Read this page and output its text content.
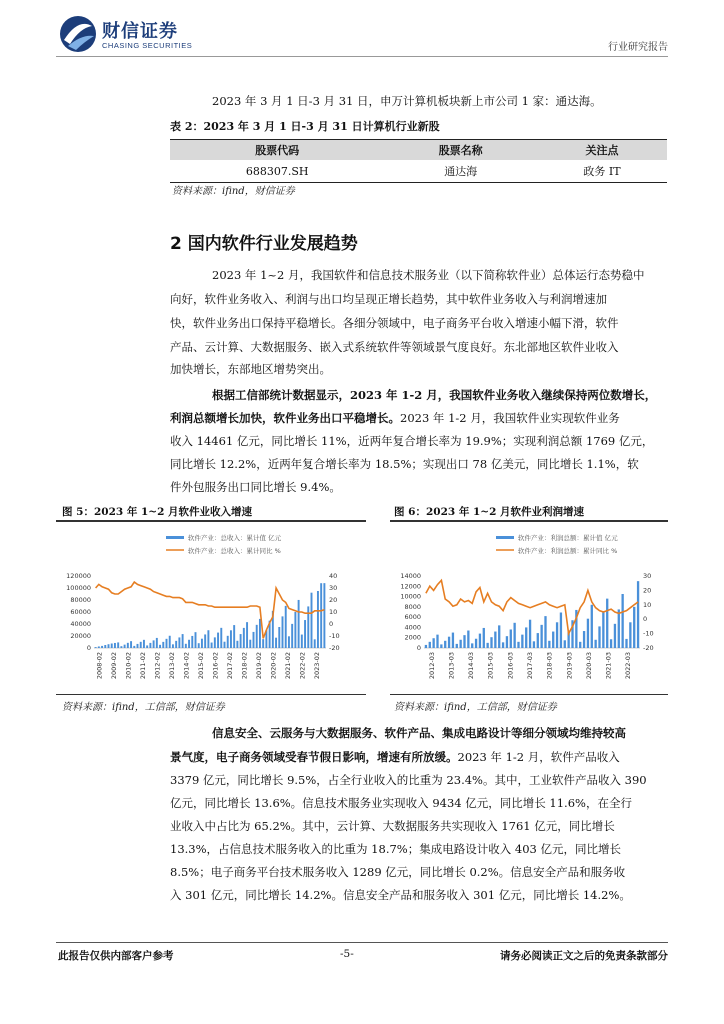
财信证券
CHASING SECURITIES	行业研究报告
2023 年 3 月 1 日-3 月 31 日，申万计算机板块新上市公司 1 家：通达海。
表 2：2023 年 3 月 1 日-3 月 31 日计算机行业新股
股票代码	股票名称	关注点
688307.SH	通达海	政务 IT
资料来源：ifind，财信证券
2 国内软件行业发展趋势
2023 年 1~2 月，我国软件和信息技术服务业（以下简称软件业）总体运行态势稳中
向好，软件业务收入、利润与出口均呈现正增长趋势，其中软件业务收入与利润增速加
快，软件业务出口保持平稳增长。各细分领域中，电子商务平台收入增速小幅下滑，软件
产品、云计算、大数据服务、嵌入式系统软件等领域景气度良好。东北部地区软件业收入
加快增长，东部地区增势突出。
根据工信部统计数据显示，2023 年 1-2 月，我国软件业务收入继续保持两位数增长，
利润总额增长加快，软件业务出口平稳增长。2023 年 1-2 月，我国软件业实现软件业务
收入 14461 亿元，同比增长 11%，近两年复合增长率为 19.9%；实现利润总额 1769 亿元，
同比增长 12.2%，近两年复合增长率为 18.5%；实现出口 78 亿美元，同比增长 1.1%，软
件外包服务出口同比增长 9.4%。
图 5：2023 年 1~2 月软件业收入增速
软件产业：总收入：累计值 亿元
软件产业：总收入：累计同比 %
120000
100000
80000
60000
40000
20000
0
40
30
20
10
0
-10
-20
2008-02 2009-02 2010-02 2011-02 2012-02 2013-02 2014-02 2015-02 2016-02 2017-02 2018-02 2019-02 2020-02 2021-02 2022-02 2023-02
图 6：2023 年 1~2 月软件业利润增速
软件产业：利润总额：累计值 亿元
软件产业：利润总额：累计同比 %
14000
12000
10000
8000
6000
4000
2000
0
30
20
10
0
-10
-20
2012-03 2013-03 2014-03 2015-03 2016-03 2017-03 2018-03 2019-03 2020-03 2021-03 2022-03
资料来源：ifind，工信部，财信证券	资料来源：ifind，工信部，财信证券
信息安全、云服务与大数据服务、软件产品、集成电路设计等细分领域均维持较高
景气度，电子商务领域受春节假日影响，增速有所放缓。2023 年 1-2 月，软件产品收入
3379 亿元，同比增长 9.5%，占全行业收入的比重为 23.4%。其中，工业软件产品收入 390
亿元，同比增长 13.6%。信息技术服务业实现收入 9434 亿元，同比增长 11.6%，在全行
业收入中占比为 65.2%。其中，云计算、大数据服务共实现收入 1761 亿元，同比增长
13.3%，占信息技术服务收入的比重为 18.7%；集成电路设计收入 403 亿元，同比增长
8.5%；电子商务平台技术服务收入 1289 亿元，同比增长 0.2%。信息安全产品和服务收
入 301 亿元，同比增长 14.2%。信息安全产品和服务收入 301 亿元，同比增长 14.2%。
此报告仅供内部客户参考	-5-	请务必阅读正文之后的免责条款部分
